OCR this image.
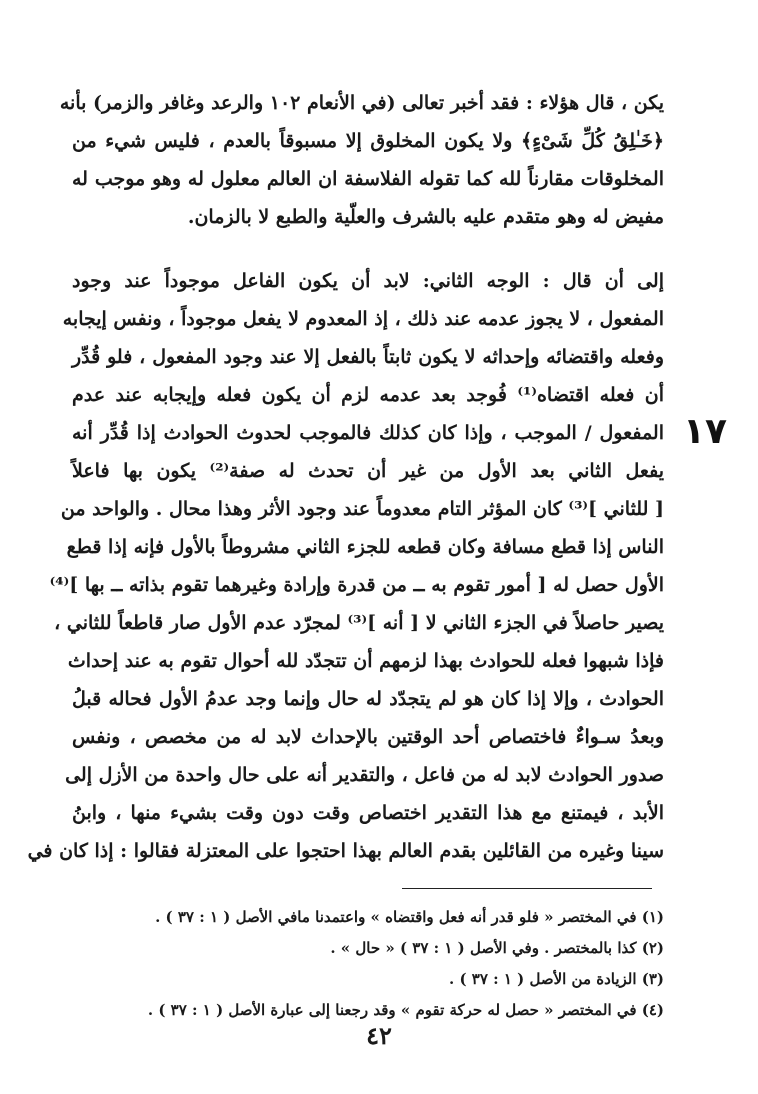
يكن ، قال هؤلاء : فقد أخبر تعالى (في الأنعام ١٠٢ والرعد وغافر والزمر) بأنه
﴿خَـٰلِقُ كُلِّ شَىْءٍ﴾ ولا يكون المخلوق إلا مسبوقاً بالعدم ، فليس شيء من
المخلوقات مقارناً لله كما تقوله الفلاسفة ان العالم معلول له وهو موجب له
مفيض له وهو متقدم عليه بالشرف والعلّية والطبع لا بالزمان.
إلى أن قال : الوجه الثاني: لابد أن يكون الفاعل موجوداً عند وجود
المفعول ، لا يجوز عدمه عند ذلك ، إذ المعدوم لا يفعل موجوداً ، ونفس إيجابه
وفعله واقتضائه وإحداثه لا يكون ثابتاً بالفعل إلا عند وجود المفعول ، فلو قُدِّر
أن فعله اقتضاه⁽¹⁾ فُوجد بعد عدمه لزم أن يكون فعله وإيجابه عند عدم
المفعول / الموجب ، وإذا كان كذلك فالموجب لحدوث الحوادث إذا قُدِّر أنه
يفعل الثاني بعد الأول من غير أن تحدث له صفة⁽²⁾ يكون بها فاعلاً
[ للثاني ]⁽³⁾ كان المؤثر التام معدوماً عند وجود الأثر وهذا محال . والواحد من
الناس إذا قطع مسافة وكان قطعه للجزء الثاني مشروطاً بالأول فإنه إذا قطع
الأول حصل له [ أمور تقوم به ــ من قدرة وإرادة وغيرهما تقوم بذاته ــ بها ]⁽⁴⁾
يصير حاصلاً في الجزء الثاني لا [ أنه ]⁽³⁾ لمجرّد عدم الأول صار قاطعاً للثاني ،
فإذا شبهوا فعله للحوادث بهذا لزمهم أن تتجدّد لله أحوال تقوم به عند إحداث
الحوادث ، وإلا إذا كان هو لم يتجدّد له حال وإنما وجد عدمُ الأول فحاله قبلُ
وبعدُ سـواءٌ فاختصاص أحد الوقتين بالإحداث لابد له من مخصص ، ونفس
صدور الحوادث لابد له من فاعل ، والتقدير أنه على حال واحدة من الأزل إلى
الأبد ، فيمتنع مع هذا التقدير اختصاص وقت دون وقت بشيء منها ، وابنُ
سينا وغيره من القائلين بقدم العالم بهذا احتجوا على المعتزلة فقالوا : إذا كان في
١٧
(١) في المختصر « فلو قدر أنه فعل واقتضاه » واعتمدنا مافي الأصل ( ١ : ٣٧ ) .
(٢) كذا بالمختصر . وفي الأصل ( ١ : ٣٧ ) « حال » .
(٣) الزيادة من الأصل ( ١ : ٣٧ ) .
(٤) في المختصر « حصل له حركة تقوم » وقد رجعنا إلى عبارة الأصل ( ١ : ٣٧ ) .
٤٢
